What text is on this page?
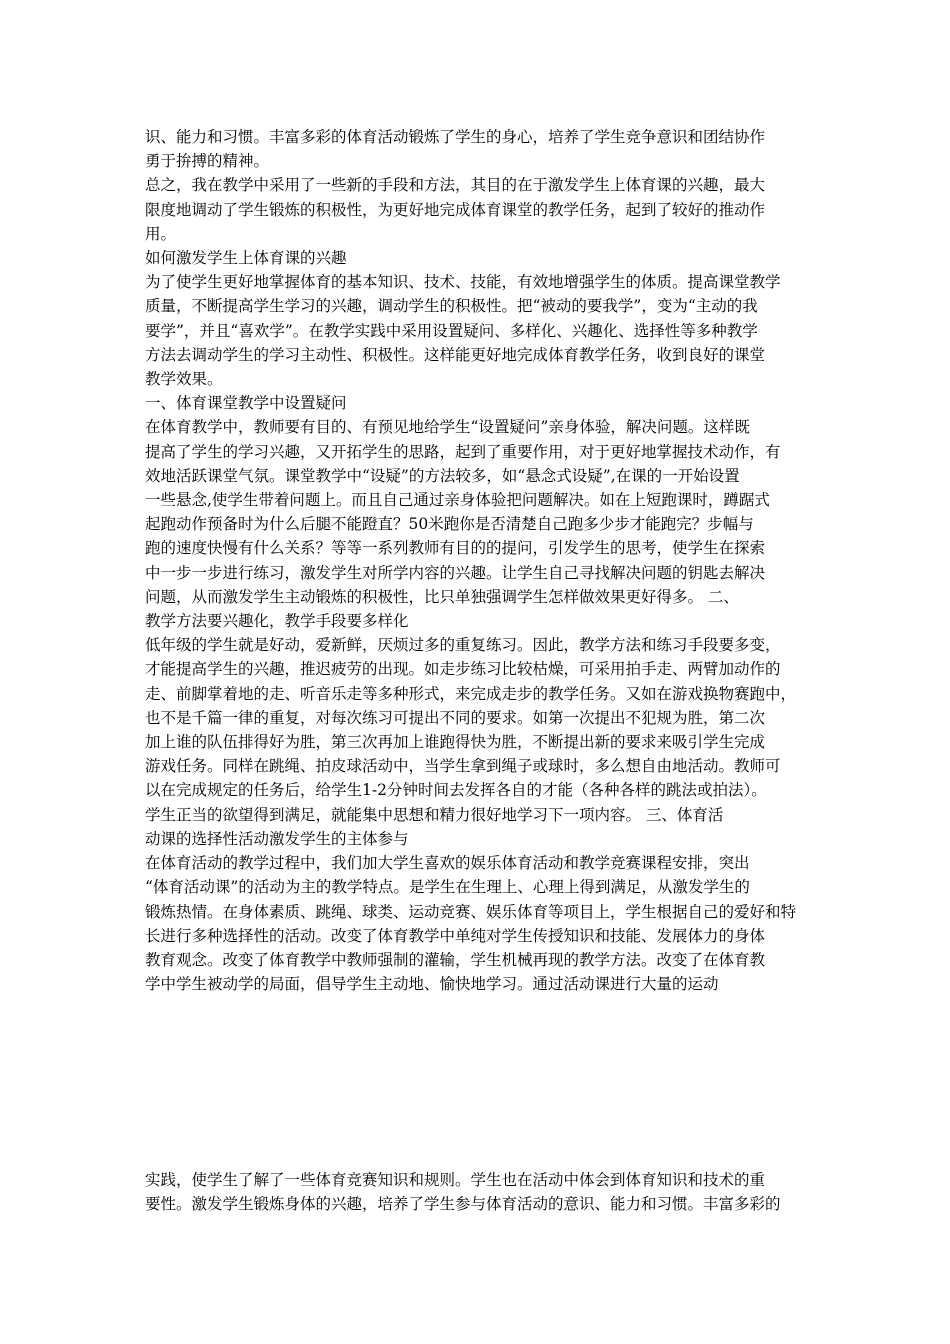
识、能力和习惯。丰富多彩的体育活动锻炼了学生的身心，培养了学生竞争意识和团结协作
勇于拚搏的精神。
总之，我在教学中采用了一些新的手段和方法，其目的在于激发学生上体育课的兴趣，最大
限度地调动了学生锻炼的积极性，为更好地完成体育课堂的教学任务，起到了较好的推动作
用。
如何激发学生上体育课的兴趣
为了使学生更好地掌握体育的基本知识、技术、技能，有效地增强学生的体质。提高课堂教学
质量，不断提高学生学习的兴趣，调动学生的积极性。把“被动的要我学”，变为“主动的我
要学”，并且“喜欢学”。在教学实践中采用设置疑问、多样化、兴趣化、选择性等多种教学
方法去调动学生的学习主动性、积极性。这样能更好地完成体育教学任务，收到良好的课堂
教学效果。
一、体育课堂教学中设置疑问
在体育教学中，教师要有目的、有预见地给学生“设置疑问”亲身体验，解决问题。这样既
提高了学生的学习兴趣，又开拓学生的思路，起到了重要作用，对于更好地掌握技术动作，有
效地活跃课堂气氛。课堂教学中“设疑”的方法较多，如“悬念式设疑”,在课的一开始设置
一些悬念,使学生带着问题上。而且自己通过亲身体验把问题解决。如在上短跑课时，蹲踞式
起跑动作预备时为什么后腿不能蹬直？50米跑你是否清楚自己跑多少步才能跑完？步幅与
跑的速度快慢有什么关系？等等一系列教师有目的的提问，引发学生的思考，使学生在探索
中一步一步进行练习，激发学生对所学内容的兴趣。让学生自己寻找解决问题的钥匙去解决
问题，从而激发学生主动锻炼的积极性，比只单独强调学生怎样做效果更好得多。 二、
教学方法要兴趣化，教学手段要多样化
低年级的学生就是好动，爱新鲜，厌烦过多的重复练习。因此，教学方法和练习手段要多变，
才能提高学生的兴趣，推迟疲劳的出现。如走步练习比较枯燥，可采用拍手走、两臂加动作的
走、前脚掌着地的走、听音乐走等多种形式，来完成走步的教学任务。又如在游戏换物赛跑中，
也不是千篇一律的重复，对每次练习可提出不同的要求。如第一次提出不犯规为胜，第二次
加上谁的队伍排得好为胜，第三次再加上谁跑得快为胜，不断提出新的要求来吸引学生完成
游戏任务。同样在跳绳、拍皮球活动中，当学生拿到绳子或球时，多么想自由地活动。教师可
以在完成规定的任务后，给学生1-2分钟时间去发挥各自的才能（各种各样的跳法或拍法）。
学生正当的欲望得到满足，就能集中思想和精力很好地学习下一项内容。 三、体育活
动课的选择性活动激发学生的主体参与
在体育活动的教学过程中，我们加大学生喜欢的娱乐体育活动和教学竞赛课程安排，突出
“体育活动课”的活动为主的教学特点。是学生在生理上、心理上得到满足，从激发学生的
锻炼热情。在身体素质、跳绳、球类、运动竞赛、娱乐体育等项目上，学生根据自己的爱好和特
长进行多种选择性的活动。改变了体育教学中单纯对学生传授知识和技能、发展体力的身体
教育观念。改变了体育教学中教师强制的灌输，学生机械再现的教学方法。改变了在体育教
学中学生被动学的局面，倡导学生主动地、愉快地学习。通过活动课进行大量的运动
实践，使学生了解了一些体育竞赛知识和规则。学生也在活动中体会到体育知识和技术的重
要性。激发学生锻炼身体的兴趣，培养了学生参与体育活动的意识、能力和习惯。丰富多彩的
